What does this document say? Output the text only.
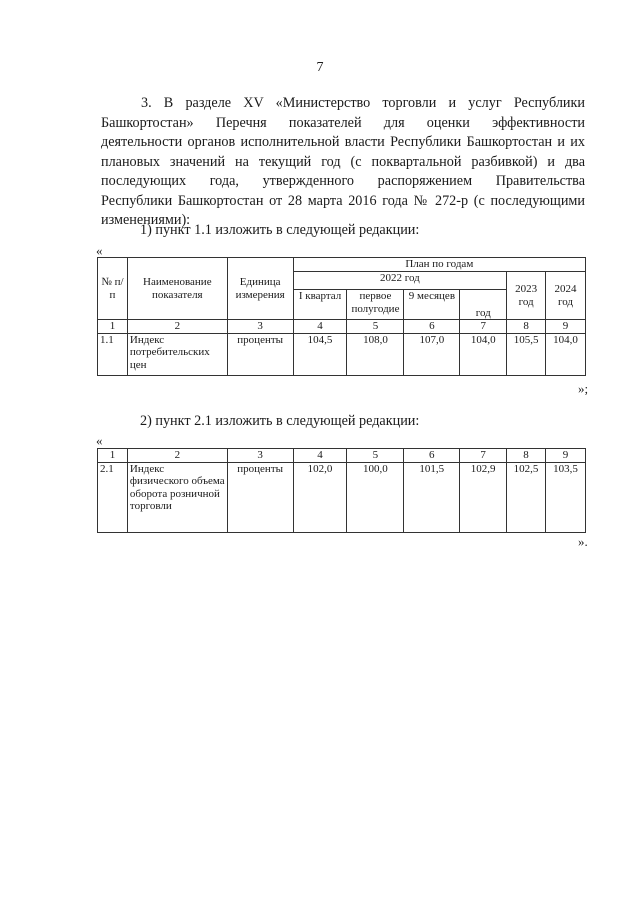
7
3. В разделе XV «Министерство торговли и услуг Республики
Башкортостан» Перечня показателей для оценки эффективности
деятельности органов исполнительной власти Республики Башкортостан и их
плановых значений на текущий год (с поквартальной разбивкой) и два
последующих года, утвержденного распоряжением Правительства
Республики Башкортостан от 28 марта 2016 года № 272-р (с последующими
изменениями):
1) пункт 1.1 изложить в следующей редакции:
«
№ п/п	Наименование показателя	Единица измерения	План по годам					
			2022 год				2023 год	2024 год
			I квартал	первое полугодие	9 месяцев	год		
1	2	3	4	5	6	7	8	9
1.1	Индекс потребительских цен	проценты	104,5	108,0	107,0	104,0	105,5	104,0
»;
2) пункт 2.1 изложить в следующей редакции:
«
1	2	3	4	5	6	7	8	9
2.1	Индекс физического объема оборота розничной торговли	проценты	102,0	100,0	101,5	102,9	102,5	103,5
».
